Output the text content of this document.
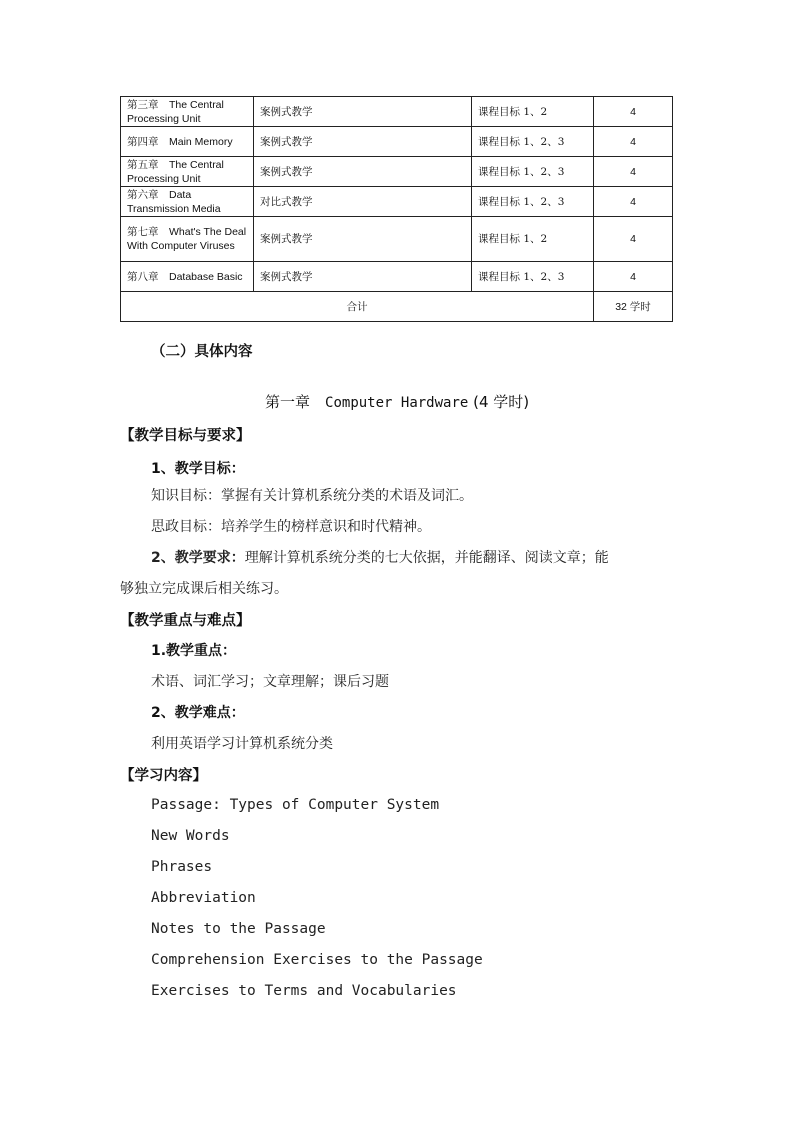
第三章　The Central Processing Unit	案例式教学	课程目标 1、2	4
第四章　Main Memory	案例式教学	课程目标 1、2、3	4
第五章　The Central Processing Unit	案例式教学	课程目标 1、2、3	4
第六章　Data Transmission Media	对比式教学	课程目标 1、2、3	4
第七章　What's The Deal With Computer Viruses	案例式教学	课程目标 1、2	4
第八章　Database Basic	案例式教学	课程目标 1、2、3	4
合计			32 学时
（二）具体内容
第一章　 Computer Hardware (4 学时)
【教学目标与要求】
1、教学目标：
知识目标：掌握有关计算机系统分类的术语及词汇。
思政目标：培养学生的榜样意识和时代精神。
2、教学要求：理解计算机系统分类的七大依据，并能翻译、阅读文章；能
够独立完成课后相关练习。
【教学重点与难点】
1.教学重点：
术语、词汇学习；文章理解；课后习题
2、教学难点：
利用英语学习计算机系统分类
【学习内容】
Passage: Types of Computer System
New Words
Phrases
Abbreviation
Notes to the Passage
Comprehension Exercises to the Passage
Exercises to Terms and Vocabularies
